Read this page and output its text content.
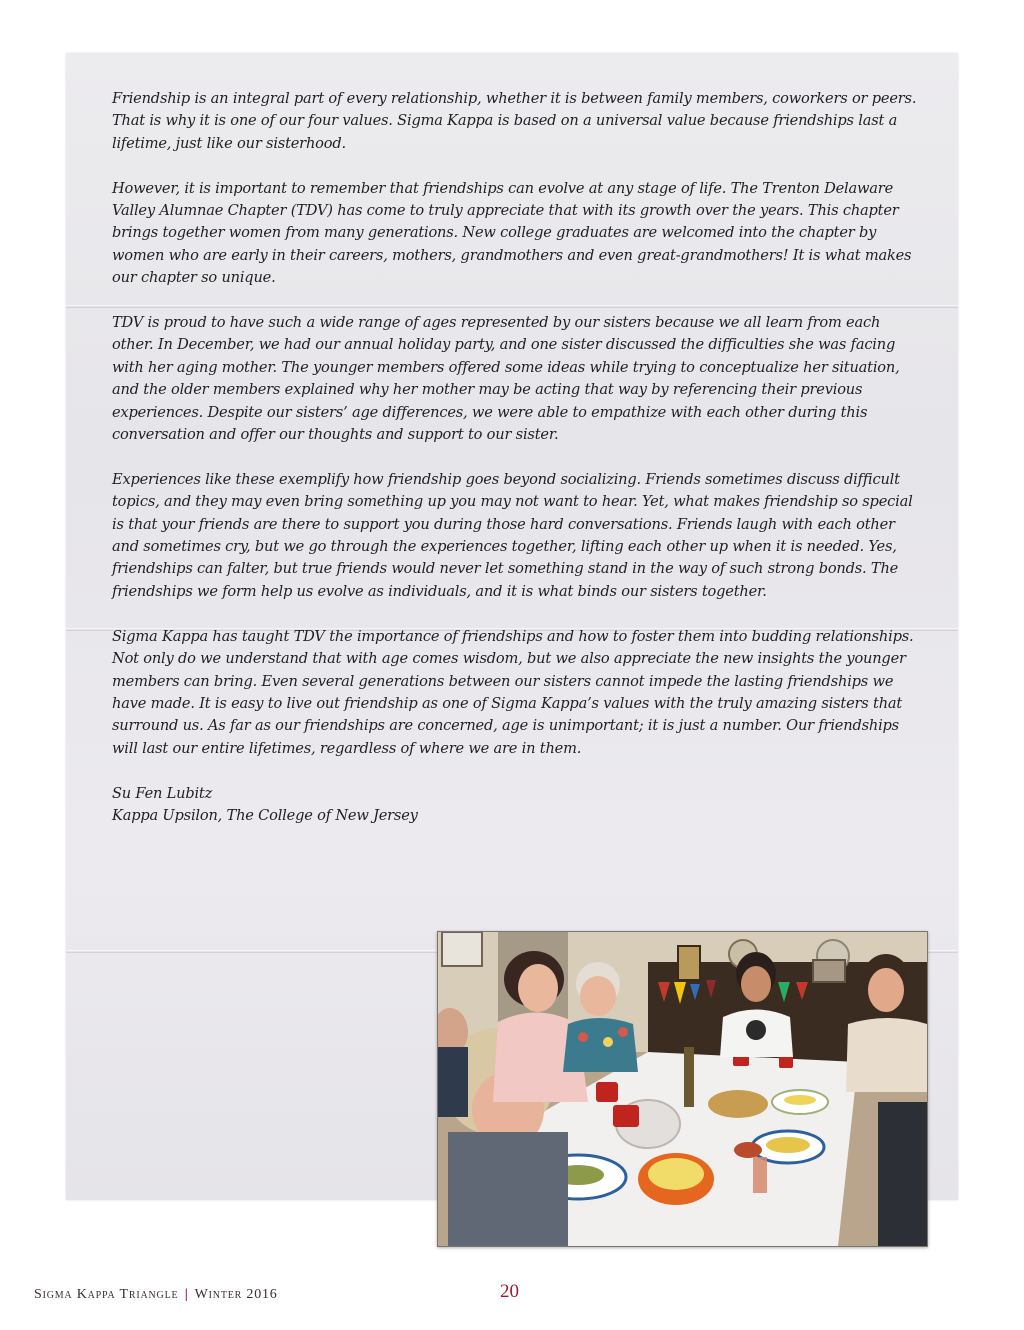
Friendship is an integral part of every relationship, whether it is between family members, coworkers or peers. That is why it is one of our four values. Sigma Kappa is based on a universal value because friendships last a lifetime, just like our sisterhood.

However, it is important to remember that friendships can evolve at any stage of life. The Trenton Delaware Valley Alumnae Chapter (TDV) has come to truly appreciate that with its growth over the years. This chapter brings together women from many generations. New college graduates are welcomed into the chapter by women who are early in their careers, mothers, grandmothers and even great-grandmothers! It is what makes our chapter so unique.

TDV is proud to have such a wide range of ages represented by our sisters because we all learn from each other. In December, we had our annual holiday party, and one sister discussed the difficulties she was facing with her aging mother. The younger members offered some ideas while trying to conceptualize her situation, and the older members explained why her mother may be acting that way by referencing their previous experiences. Despite our sisters’ age differences, we were able to empathize with each other during this conversation and offer our thoughts and support to our sister.

Experiences like these exemplify how friendship goes beyond socializing. Friends sometimes discuss difficult topics, and they may even bring something up you may not want to hear. Yet, what makes friendship so special is that your friends are there to support you during those hard conversations. Friends laugh with each other and sometimes cry, but we go through the experiences together, lifting each other up when it is needed. Yes, friendships can falter, but true friends would never let something stand in the way of such strong bonds. The friendships we form help us evolve as individuals, and it is what binds our sisters together.

Sigma Kappa has taught TDV the importance of friendships and how to foster them into budding relationships. Not only do we understand that with age comes wisdom, but we also appreciate the new insights the younger members can bring. Even several generations between our sisters cannot impede the lasting friendships we have made. It is easy to live out friendship as one of Sigma Kappa’s values with the truly amazing sisters that surround us. As far as our friendships are concerned, age is unimportant; it is just a number. Our friendships will last our entire lifetimes, regardless of where we are in them.

Su Fen Lubitz
Kappa Upsilon, The College of New Jersey
Sigma Kappa Triangle | Winter 2016	20
